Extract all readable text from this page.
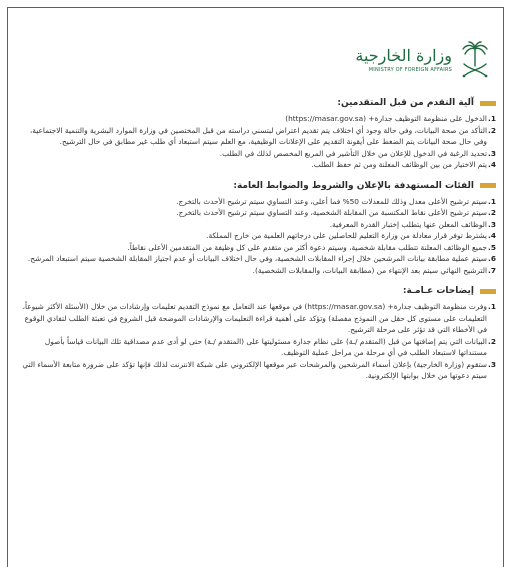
وزارة الخارجية
MINISTRY OF FOREIGN AFFAIRS
آلية التقدم من قبل المتقدمين:
1.
الدخول على منظومة التوظيف جدارة+ (https://masar.gov.sa)
2.
التأكد من صحة البيانات، وفي حالة وجود أي اختلاف يتم تقديم اعتراض لبتسني دراسته من قبل المختصين في وزارة الموارد البشرية والتنمية الاجتماعية، وفي حال صحة البيانات يتم الضغط على أيقونة التقديم على الإعلانات الوظيفية، مع العلم سيتم استبعاد أي طلب غير مطابق في حال الترشيح.
3.
تحديد الرغبة في الدخول للإعلان من خلال التأشير في المربع المخصص لذلك في الطلب.
4.
يتم الاختيار من بين الوظائف المعلنة ومن ثم حفظ الطلب.
الفئات المستهدفة بالإعلان والشروط والضوابط العامة:
1.
سيتم ترشيح الأعلى معدل وذلك للمعدلات 50% فما أعلى، وعند التساوي سيتم ترشيح الأحدث بالتخرج.
2.
سيتم ترشيح الأعلى نقاط المكتسبة من المقابلة الشخصية، وعند التساوي سيتم ترشيح الأحدث بالتخرج.
3.
الوظائف المعلن عنها يتطلب إختبار القدرة المعرفية.
4.
يشترط توفر قرار معادلة من وزارة التعليم للحاصلين على درجاتهم العلمية من خارج المملكة.
5.
جميع الوظائف المعلنة تتطلب مقابلة شخصية، وسيتم دعوة أكثر من متقدم على كل وظيفة من المتقدمين الأعلى نقاطاً.
6.
سيتم عملية مطابقة بيانات المرشحين خلال إجراء المقابلات الشخصية، وفي حال اختلاف البيانات أو عدم اجتياز المقابلة الشخصية سيتم استبعاد المرشح.
7.
الترشيح النهائي سيتم بعد الإنتهاء من (مطابقة البيانات، والمقابلات الشخصية).
إيضاحات عـامـة:
1.
وفرت منظومة التوظيف جدارة+ (https://masar.gov.sa) في موقعها عند التعامل مع نموذج التقديم تعليمات وإرشادات من خلال (الأسئلة الأكثر شيوعاً، التعليمات على مستوى كل حقل من النموذج مفصلة) وتؤكد على أهمية قراءة التعليمات والإرشادات الموضحة قبل الشروع في تعبئة الطلب لتفادي الوقوع في الأخطاء التي قد تؤثر على مرحلة الترشيح.
2.
البيانات التي يتم إضافتها من قبل (المتقدم /ـة) على نظام جدارة مسئوليتها على (المتقدم /ـة) حتى لو أدى عدم مصداقية تلك البيانات قياساً بأصول مستنداتها لاستبعاد الطلب في أي مرحلة من مراحل عملية التوظيف.
3.
ستقوم (وزارة الخارجية) بإعلان أسماء المرشحين والمرشحات عبر موقعها الإلكتروني على شبكة الانترنت لذلك فإنها تؤكد على ضرورة متابعة الأسماء التي سيتم دعوتها من خلال بوابتها الإلكترونية.
